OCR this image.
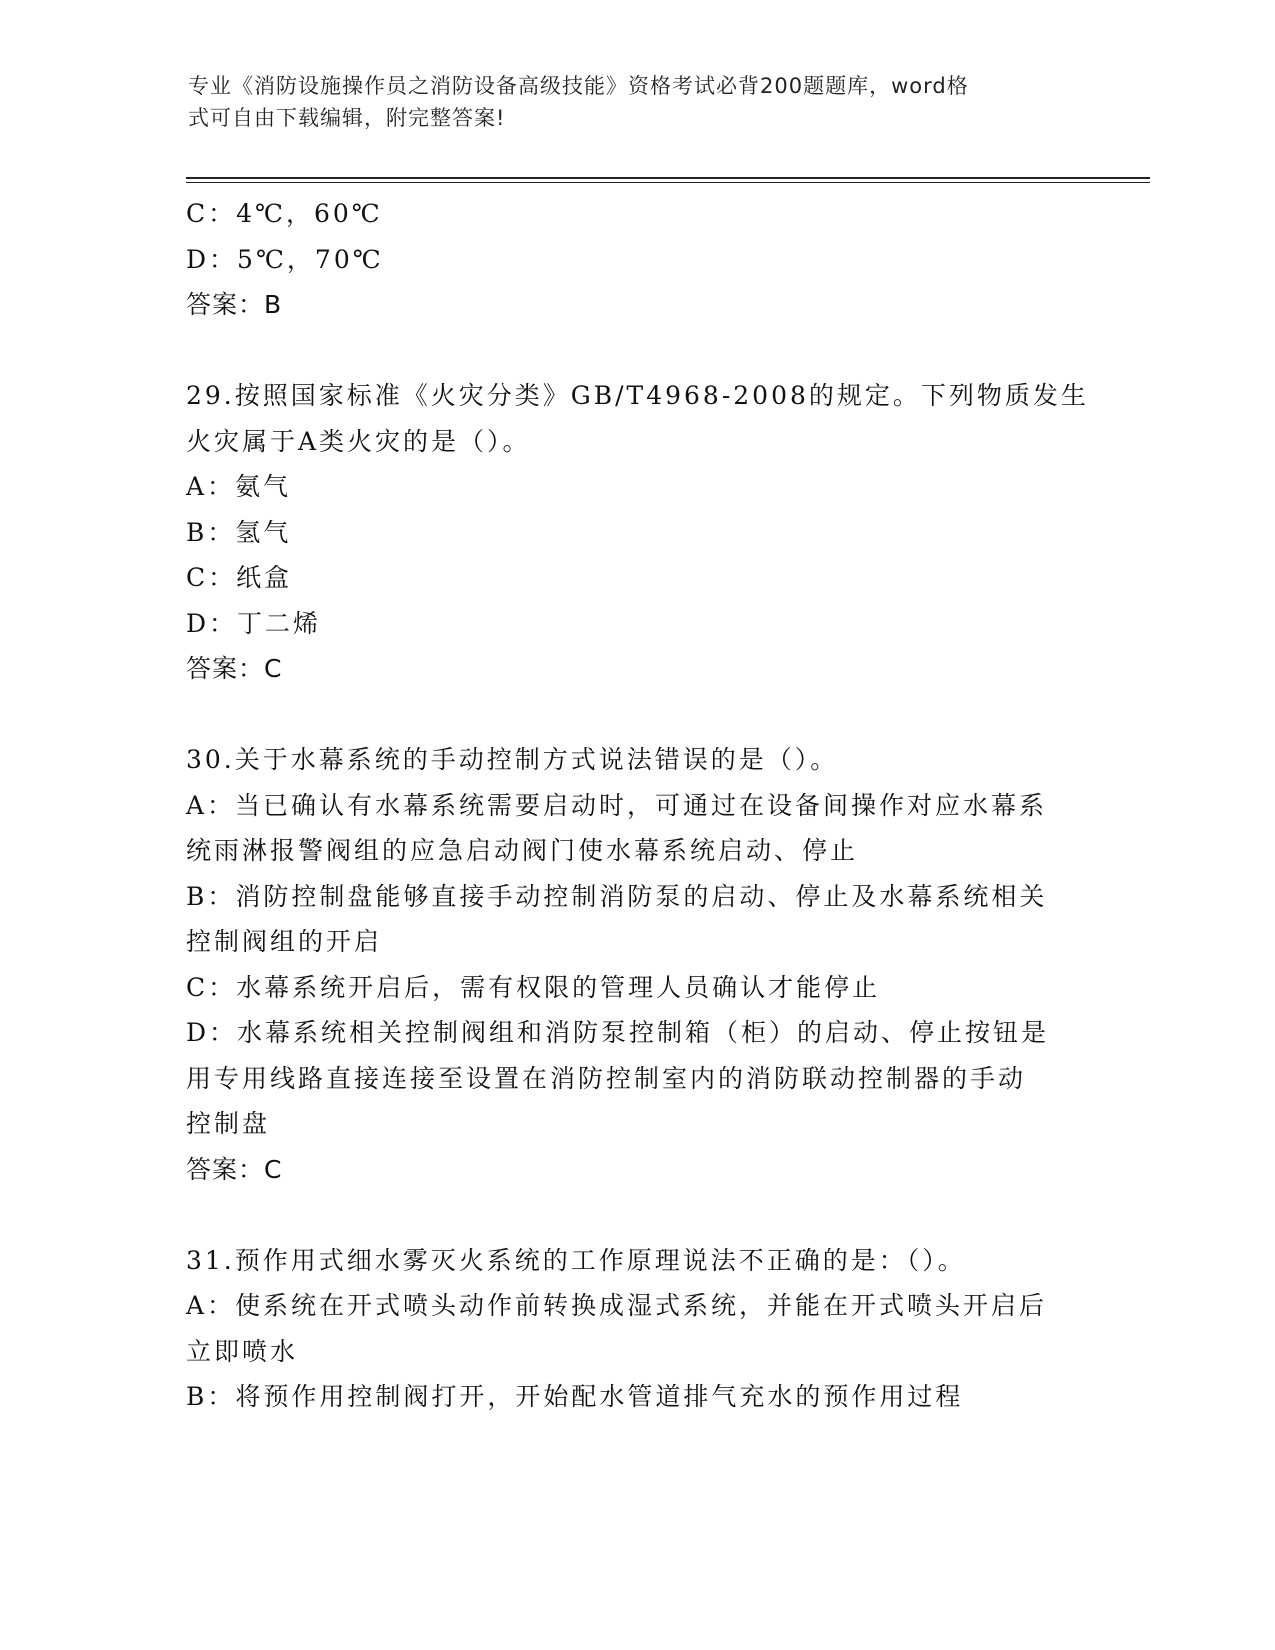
专业《消防设施操作员之消防设备高级技能》资格考试必背200题题库，word格
式可自由下载编辑，附完整答案!
C：4℃，60℃
D：5℃，70℃
答案：B
29.按照国家标准《火灾分类》GB/T4968-2008的规定。下列物质发生
火灾属于A类火灾的是（）。
A：氨气
B：氢气
C：纸盒
D：丁二烯
答案：C
30.关于水幕系统的手动控制方式说法错误的是（）。
A：当已确认有水幕系统需要启动时，可通过在设备间操作对应水幕系
统雨淋报警阀组的应急启动阀门使水幕系统启动、停止
B：消防控制盘能够直接手动控制消防泵的启动、停止及水幕系统相关
控制阀组的开启
C：水幕系统开启后，需有权限的管理人员确认才能停止
D：水幕系统相关控制阀组和消防泵控制箱（柜）的启动、停止按钮是
用专用线路直接连接至设置在消防控制室内的消防联动控制器的手动
控制盘
答案：C
31.预作用式细水雾灭火系统的工作原理说法不正确的是：（）。
A：使系统在开式喷头动作前转换成湿式系统，并能在开式喷头开启后
立即喷水
B：将预作用控制阀打开，开始配水管道排气充水的预作用过程
